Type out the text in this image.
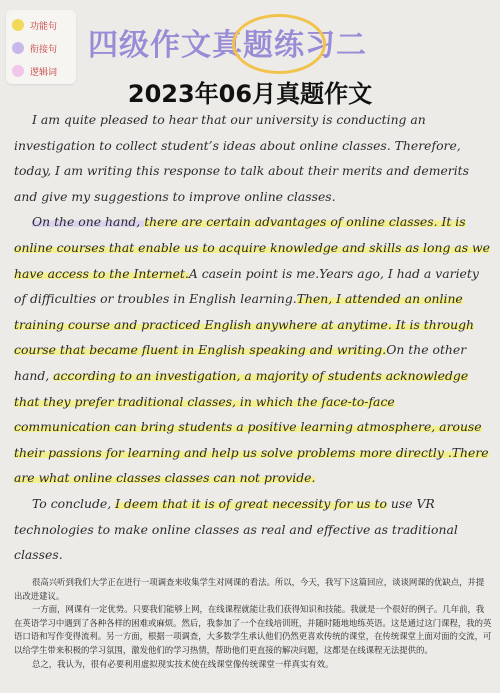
功能句
衔接句
逻辑词
四级作文真题练习二
2023年06月真题作文

I am quite pleased to hear that our university is conducting an investigation to collect student’s ideas about online classes. Therefore, today, I am writing this response to talk about their merits and demerits and give my suggestions to improve online classes.

On the one hand, there are certain advantages of online classes. It is online courses that enable us to acquire knowledge and skills as long as we have access to the Internet.A casein point is me.Years ago, I had a variety of difficulties or troubles in English learning.Then, I attended an online training course and practiced English anywhere at anytime. It is through course that became fluent in English speaking and writing.On the other hand, according to an investigation, a majority of students acknowledge that they prefer traditional classes, in which the face-to-face communication can bring students a positive learning atmosphere, arouse their passions for learning and help us solve problems more directly .There are what online classes classes can not provide.

To conclude, I deem that it is of great necessity for us to use VR technologies to make online classes as real and effective as traditional classes.

很高兴听到我们大学正在进行一项调查来收集学生对网课的看法。所以，今天，我写下这篇回应，谈谈网课的优缺点，并提出改进建议。

一方面，网课有一定优势。只要我们能够上网，在线课程就能让我们获得知识和技能。我就是一个很好的例子。几年前，我在英语学习中遇到了各种各样的困难或麻烦。然后，我参加了一个在线培训班，并随时随地地练英语。这是通过这门课程，我的英语口语和写作变得流利。另一方面，根据一项调查，大多数学生承认他们仍然更喜欢传统的课堂，在传统课堂上面对面的交流，可以给学生带来积极的学习氛围，激发他们的学习热情，帮助他们更直接的解决问题，这都是在线课程无法提供的。

总之，我认为，很有必要利用虚拟现实技术使在线课堂像传统课堂一样真实有效。
